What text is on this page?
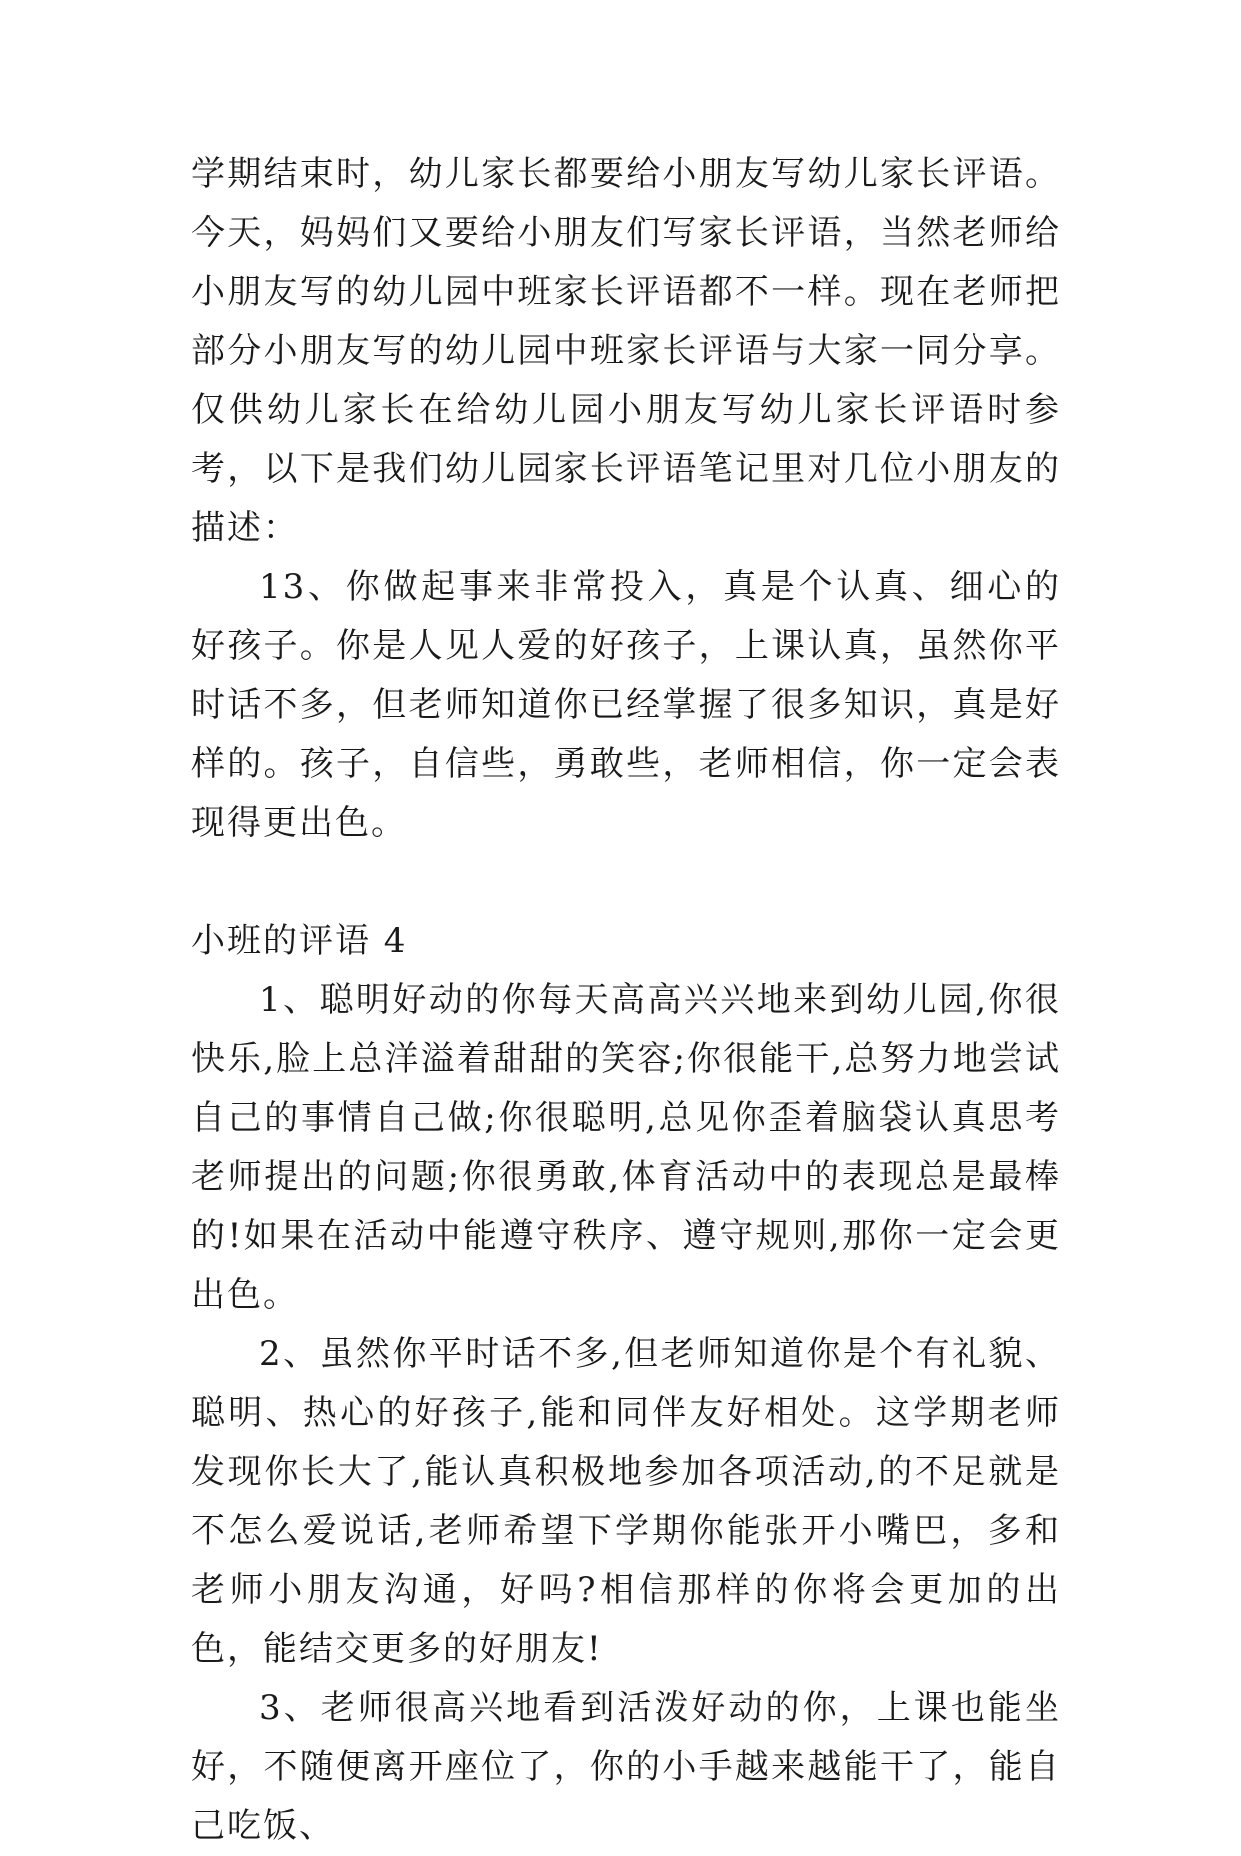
学期结束时，幼儿家长都要给小朋友写幼儿家长评语。今天，妈妈们又要给小朋友们写家长评语，当然老师给小朋友写的幼儿园中班家长评语都不一样。现在老师把部分小朋友写的幼儿园中班家长评语与大家一同分享。仅供幼儿家长在给幼儿园小朋友写幼儿家长评语时参考，以下是我们幼儿园家长评语笔记里对几位小朋友的描述：

13、你做起事来非常投入，真是个认真、细心的好孩子。你是人见人爱的好孩子，上课认真，虽然你平时话不多，但老师知道你已经掌握了很多知识，真是好样的。孩子，自信些，勇敢些，老师相信，你一定会表现得更出色。

小班的评语 4

1、聪明好动的你每天高高兴兴地来到幼儿园,你很快乐,脸上总洋溢着甜甜的笑容;你很能干,总努力地尝试自己的事情自己做;你很聪明,总见你歪着脑袋认真思考老师提出的问题;你很勇敢,体育活动中的表现总是最棒的!如果在活动中能遵守秩序、遵守规则,那你一定会更出色。

2、虽然你平时话不多,但老师知道你是个有礼貌、聪明、热心的好孩子,能和同伴友好相处。这学期老师发现你长大了,能认真积极地参加各项活动,的不足就是不怎么爱说话,老师希望下学期你能张开小嘴巴，多和老师小朋友沟通，好吗?相信那样的你将会更加的出色，能结交更多的好朋友!

3、老师很高兴地看到活泼好动的你，上课也能坐好，不随便离开座位了，你的小手越来越能干了，能自己吃饭、
